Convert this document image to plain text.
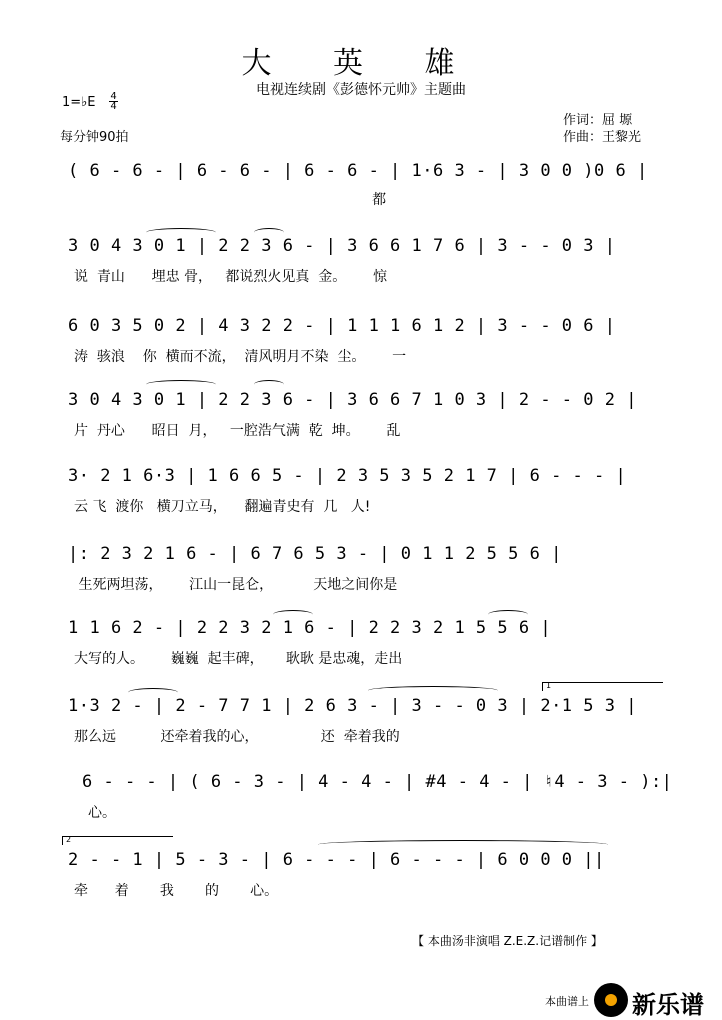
大 英 雄
电视连续剧《彭德怀元帅》主题曲
1=♭E 4
4
每分钟90拍
作词：屈 塬
作曲：王黎光
( 6 - 6 - | 6 - 6 - | 6 - 6 - | 1·6 3 - | 3 0 0 )0 6 |
都
3 0 4 3 0 1 | 2 2 3 6 - | 3 6 6 1 7 6 | 3 - - 0 3 |
说  青山      埋忠 骨，   都说烈火见真  金。      惊
6 0 3 5 0 2 | 4 3 2 2 - | 1 1 1 6 1 2 | 3 - - 0 6 |
涛  骇浪    你  横而不流，  清风明月不染  尘。      一
3 0 4 3 0 1 | 2 2 3 6 - | 3 6 6 7 1 0 3 | 2 - - 0 2 |
片  丹心      昭日  月，   一腔浩气满  乾  坤。      乱
3· 2 1 6·3 | 1 6 6 5 - | 2 3 5 3 5 2 1 7 | 6 - - - |
云 飞  渡你   横刀立马，    翻遍青史有  几   人!
|: 2 3 2 1 6 - | 6 7 6 5 3 - | 0 1 1 2 5 5 6 |
生死两坦荡，      江山一昆仑，         天地之间你是
1 1 6 2 - | 2 2 3 2 1 6 - | 2 2 3 2 1 5 5 6 |
大写的人。      巍巍  起丰碑，     耿耿 是忠魂，走出
1
1·3 2 - | 2 - 7 7 1 | 2 6 3 - | 3 - - 0 3 | 2·1 5 3 |
那么远          还牵着我的心，              还  牵着我的
6 - - - | ( 6 - 3 - | 4 - 4 - | #4 - 4 - | ♮4 - 3 - ):|
心。
2
2 - - 1 | 5 - 3 - | 6 - - - | 6 - - - | 6 0 0 0 ||
牵      着       我       的       心。
【 本曲汤非演唱 Z.E.Z.记谱制作 】
本曲谱上 新乐谱
